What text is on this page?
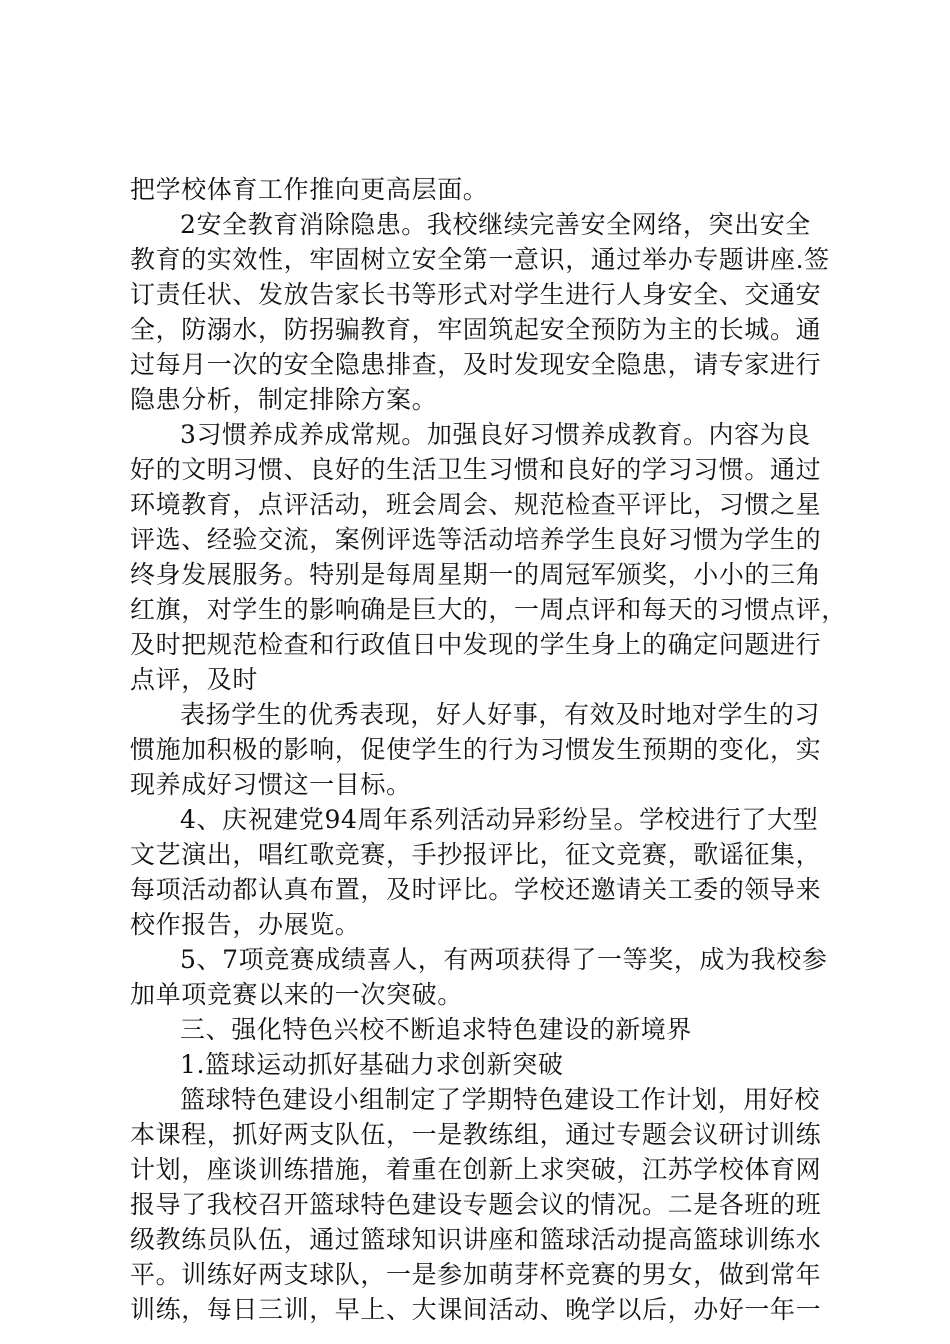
把学校体育工作推向更高层面。
2安全教育消除隐患。我校继续完善安全网络，突出安全
教育的实效性，牢固树立安全第一意识，通过举办专题讲座.签
订责任状、发放告家长书等形式对学生进行人身安全、交通安
全，防溺水，防拐骗教育，牢固筑起安全预防为主的长城。通
过每月一次的安全隐患排查，及时发现安全隐患，请专家进行
隐患分析，制定排除方案。
3习惯养成养成常规。加强良好习惯养成教育。内容为良
好的文明习惯、良好的生活卫生习惯和良好的学习习惯。通过
环境教育，点评活动，班会周会、规范检查平评比，习惯之星
评选、经验交流，案例评选等活动培养学生良好习惯为学生的
终身发展服务。特别是每周星期一的周冠军颁奖，小小的三角
红旗，对学生的影响确是巨大的，一周点评和每天的习惯点评，
及时把规范检查和行政值日中发现的学生身上的确定问题进行
点评，及时
表扬学生的优秀表现，好人好事，有效及时地对学生的习
惯施加积极的影响，促使学生的行为习惯发生预期的变化，实
现养成好习惯这一目标。
4、庆祝建党94周年系列活动异彩纷呈。学校进行了大型
文艺演出，唱红歌竞赛，手抄报评比，征文竞赛，歌谣征集，
每项活动都认真布置，及时评比。学校还邀请关工委的领导来
校作报告，办展览。
5、7项竞赛成绩喜人，有两项获得了一等奖，成为我校参
加单项竞赛以来的一次突破。
三、强化特色兴校不断追求特色建设的新境界
1.篮球运动抓好基础力求创新突破
篮球特色建设小组制定了学期特色建设工作计划，用好校
本课程，抓好两支队伍，一是教练组，通过专题会议研讨训练
计划，座谈训练措施，着重在创新上求突破，江苏学校体育网
报导了我校召开篮球特色建设专题会议的情况。二是各班的班
级教练员队伍，通过篮球知识讲座和篮球活动提高篮球训练水
平。训练好两支球队，一是参加萌芽杯竞赛的男女，做到常年
训练，每日三训，早上、大课间活动、晚学以后，办好一年一
